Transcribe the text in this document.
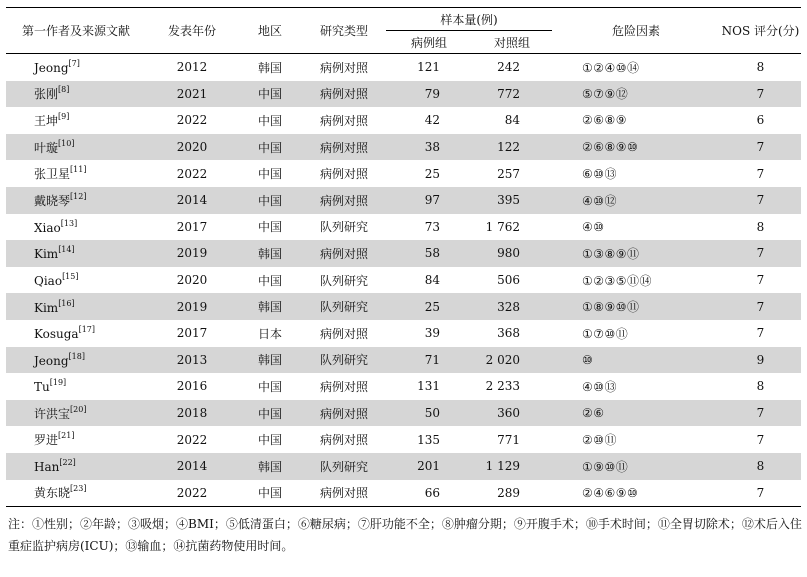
第一作者及来源文献	发表年份	地区	研究类型	样本量(例)		危险因素	NOS 评分(分)
				病例组	对照组		
Jeong[7]	2012	韩国	病例对照	121	242	①②④⑩⑭	8
张刚[8]	2021	中国	病例对照	79	772	⑤⑦⑨⑫	7
王坤[9]	2022	中国	病例对照	42	84	②⑥⑧⑨	6
叶璇[10]	2020	中国	病例对照	38	122	②⑥⑧⑨⑩	7
张卫星[11]	2022	中国	病例对照	25	257	⑥⑩⑬	7
戴晓琴[12]	2014	中国	病例对照	97	395	④⑩⑫	7
Xiao[13]	2017	中国	队列研究	73	1 762	④⑩	8
Kim[14]	2019	韩国	病例对照	58	980	①③⑧⑨⑪	7
Qiao[15]	2020	中国	队列研究	84	506	①②③⑤⑪⑭	7
Kim[16]	2019	韩国	队列研究	25	328	①⑧⑨⑩⑪	7
Kosuga[17]	2017	日本	病例对照	39	368	①⑦⑩⑪	7
Jeong[18]	2013	韩国	队列研究	71	2 020	⑩	9
Tu[19]	2016	中国	病例对照	131	2 233	④⑩⑬	8
许洪宝[20]	2018	中国	病例对照	50	360	②⑥	7
罗进[21]	2022	中国	病例对照	135	771	②⑩⑪	7
Han[22]	2014	韩国	队列研究	201	1 129	①⑨⑩⑪	8
黄东晓[23]	2022	中国	病例对照	66	289	②④⑥⑨⑩	7
注：①性别；②年龄；③吸烟；④BMI；⑤低清蛋白；⑥糖尿病；⑦肝功能不全；⑧肿瘤分期；⑨开腹手术；⑩手术时间；⑪全胃切除术；⑫术后入住重症监护病房(ICU)；⑬输血；⑭抗菌药物使用时间。
